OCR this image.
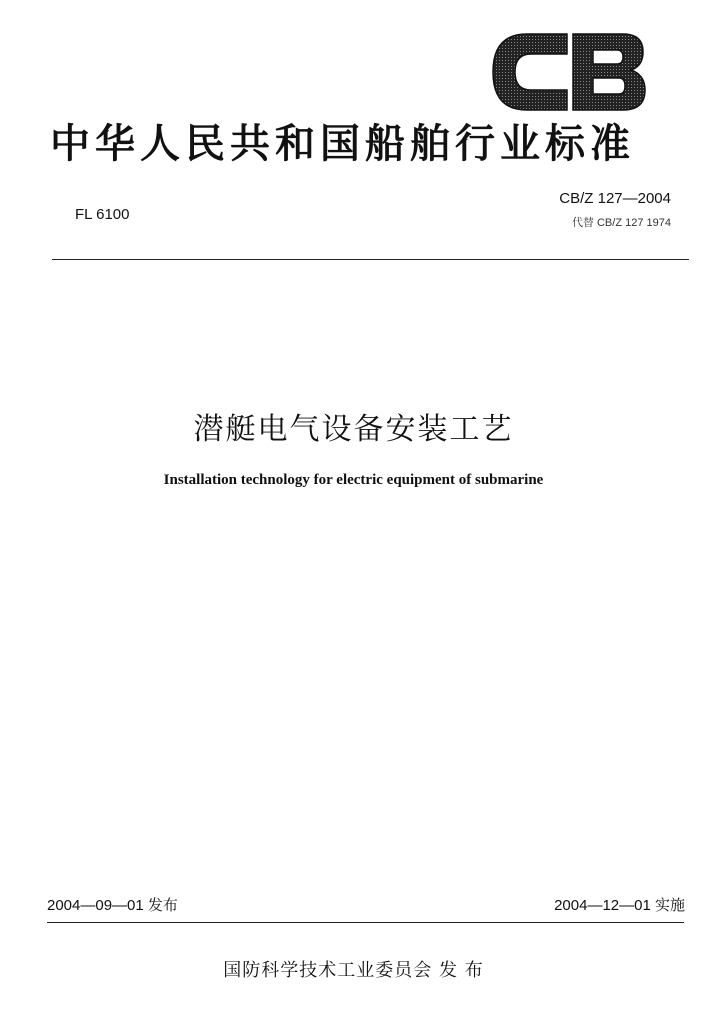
中华人民共和国船舶行业标准
FL 6100
CB/Z 127—2004
代替 CB/Z 127 1974
潜艇电气设备安装工艺
Installation technology for electric equipment of submarine
2004—09—01 发布	2004—12—01 实施
国防科学技术工业委员会 发 布
